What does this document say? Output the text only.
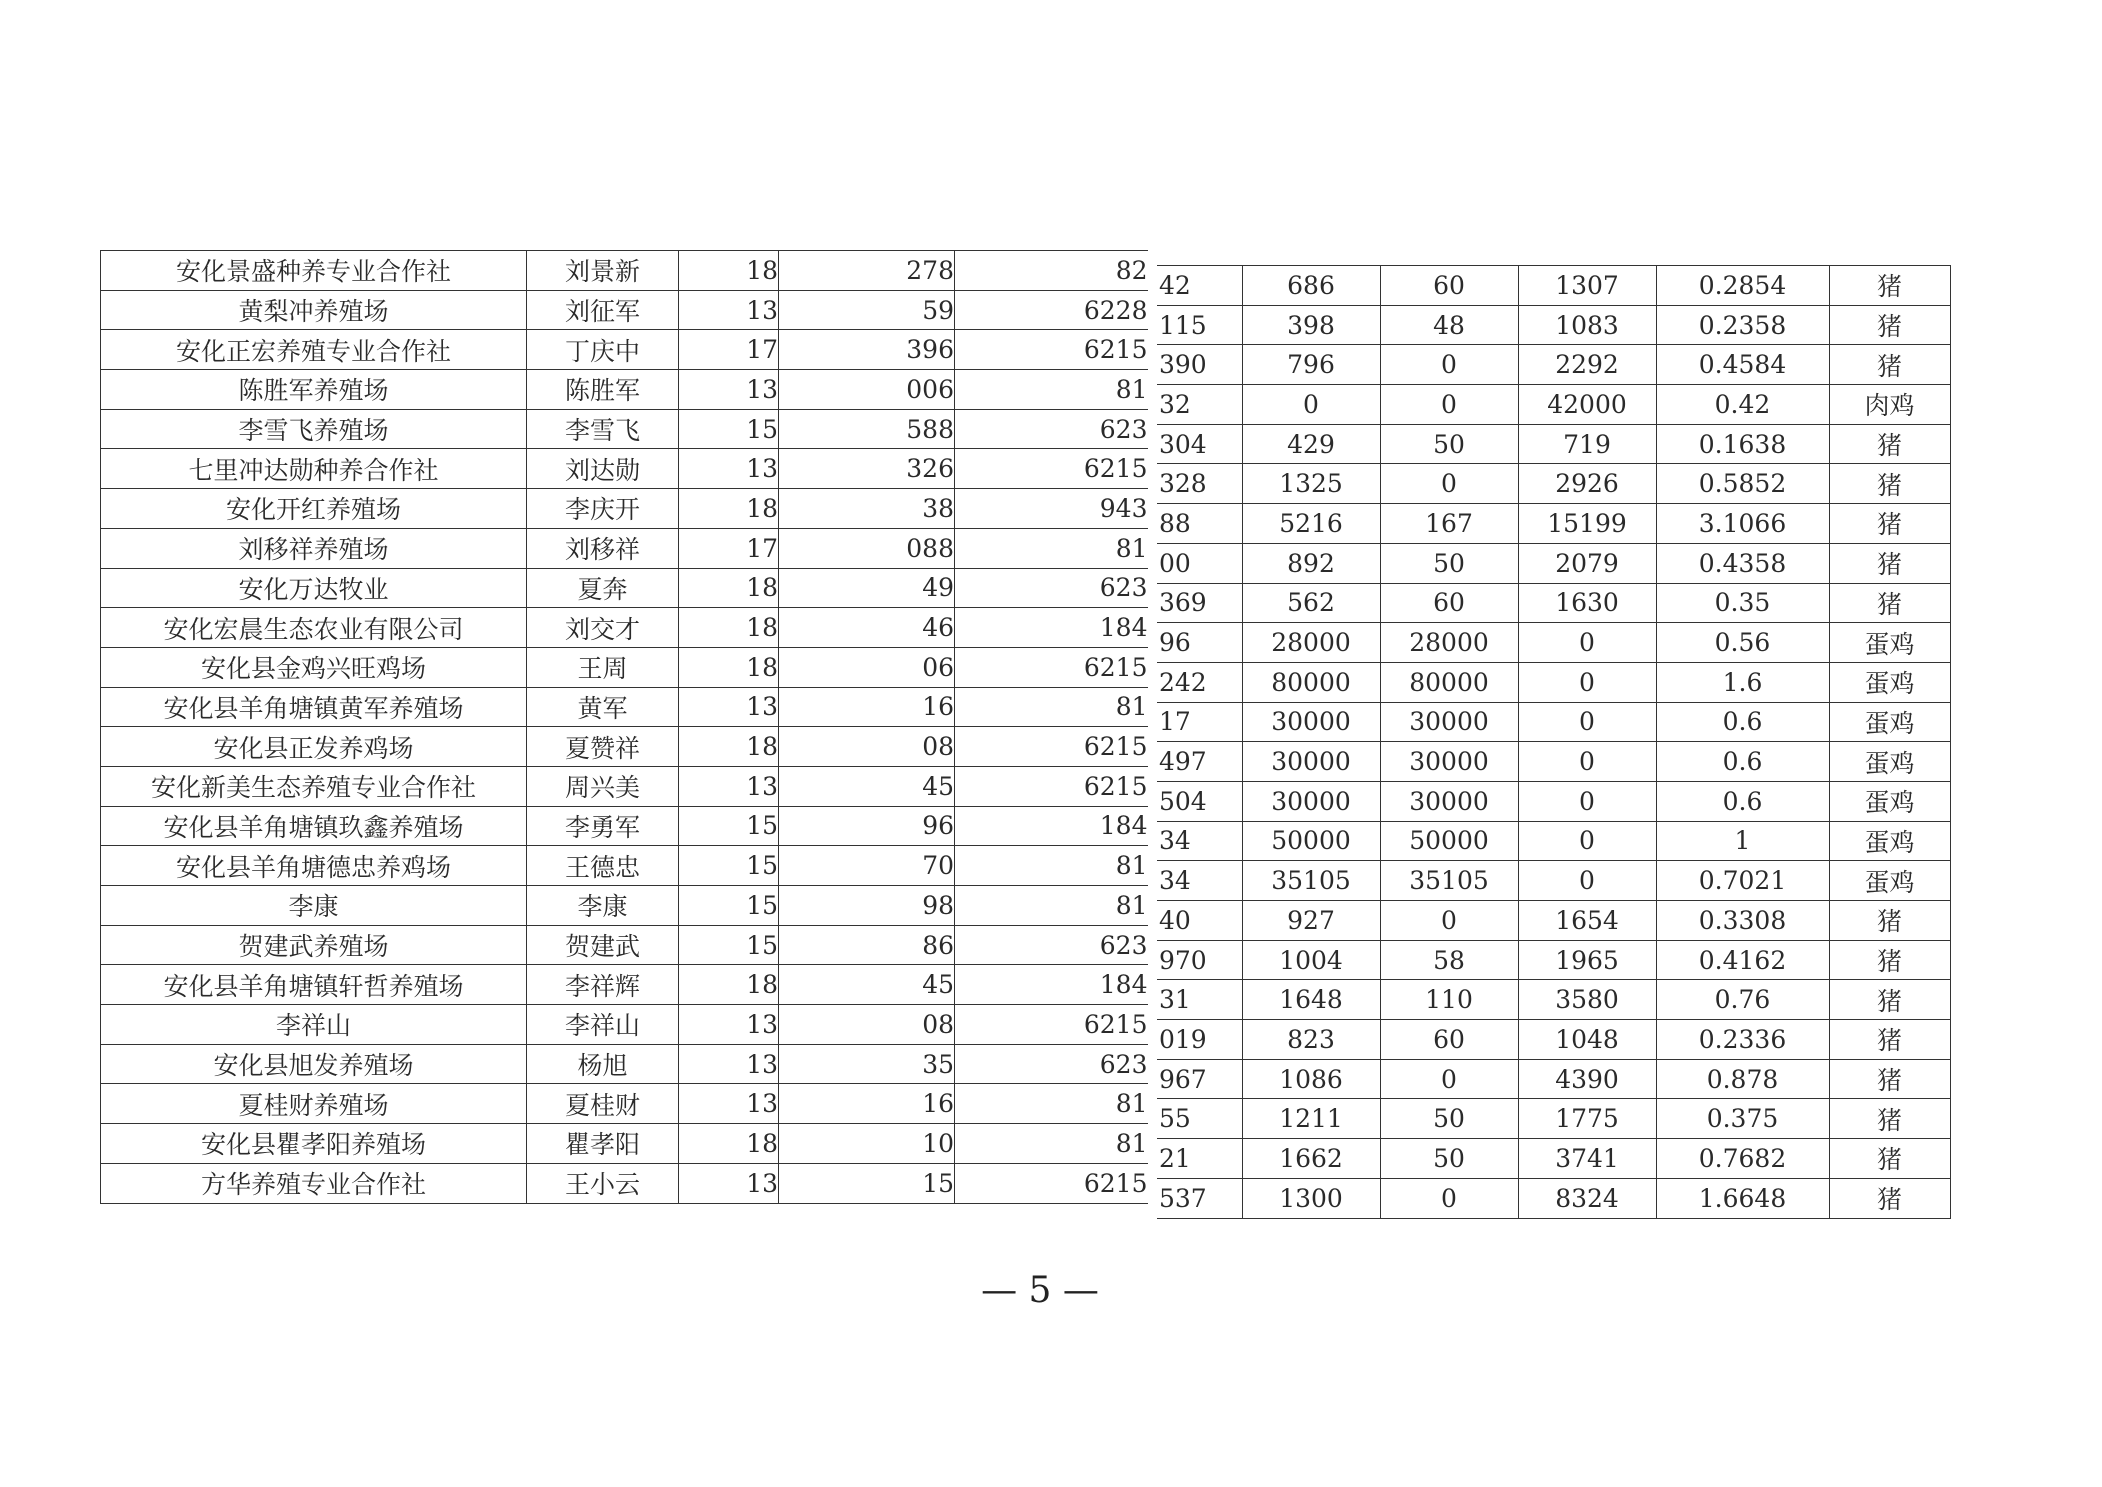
安化景盛种养专业合作社	刘景新	18	278	82
黄梨冲养殖场	刘征军	13	59	6228
安化正宏养殖专业合作社	丁庆中	17	396	6215
陈胜军养殖场	陈胜军	13	006	81
李雪飞养殖场	李雪飞	15	588	623
七里冲达勋种养合作社	刘达勋	13	326	6215
安化开红养殖场	李庆开	18	38	943
刘移祥养殖场	刘移祥	17	088	81
安化万达牧业	夏奔	18	49	623
安化宏晨生态农业有限公司	刘交才	18	46	184
安化县金鸡兴旺鸡场	王周	18	06	6215
安化县羊角塘镇黄军养殖场	黄军	13	16	81
安化县正发养鸡场	夏赞祥	18	08	6215
安化新美生态养殖专业合作社	周兴美	13	45	6215
安化县羊角塘镇玖鑫养殖场	李勇军	15	96	184
安化县羊角塘德忠养鸡场	王德忠	15	70	81
李康	李康	15	98	81
贺建武养殖场	贺建武	15	86	623
安化县羊角塘镇轩哲养殖场	李祥辉	18	45	184
李祥山	李祥山	13	08	6215
安化县旭发养殖场	杨旭	13	35	623
夏桂财养殖场	夏桂财	13	16	81
安化县瞿孝阳养殖场	瞿孝阳	18	10	81
方华养殖专业合作社	王小云	13	15	6215
42	686	60	1307	0.2854	猪
115	398	48	1083	0.2358	猪
390	796	0	2292	0.4584	猪
32	0	0	42000	0.42	肉鸡
304	429	50	719	0.1638	猪
328	1325	0	2926	0.5852	猪
88	5216	167	15199	3.1066	猪
00	892	50	2079	0.4358	猪
369	562	60	1630	0.35	猪
96	28000	28000	0	0.56	蛋鸡
242	80000	80000	0	1.6	蛋鸡
17	30000	30000	0	0.6	蛋鸡
497	30000	30000	0	0.6	蛋鸡
504	30000	30000	0	0.6	蛋鸡
34	50000	50000	0	1	蛋鸡
34	35105	35105	0	0.7021	蛋鸡
40	927	0	1654	0.3308	猪
970	1004	58	1965	0.4162	猪
31	1648	110	3580	0.76	猪
019	823	60	1048	0.2336	猪
967	1086	0	4390	0.878	猪
55	1211	50	1775	0.375	猪
21	1662	50	3741	0.7682	猪
537	1300	0	8324	1.6648	猪
— 5 —
